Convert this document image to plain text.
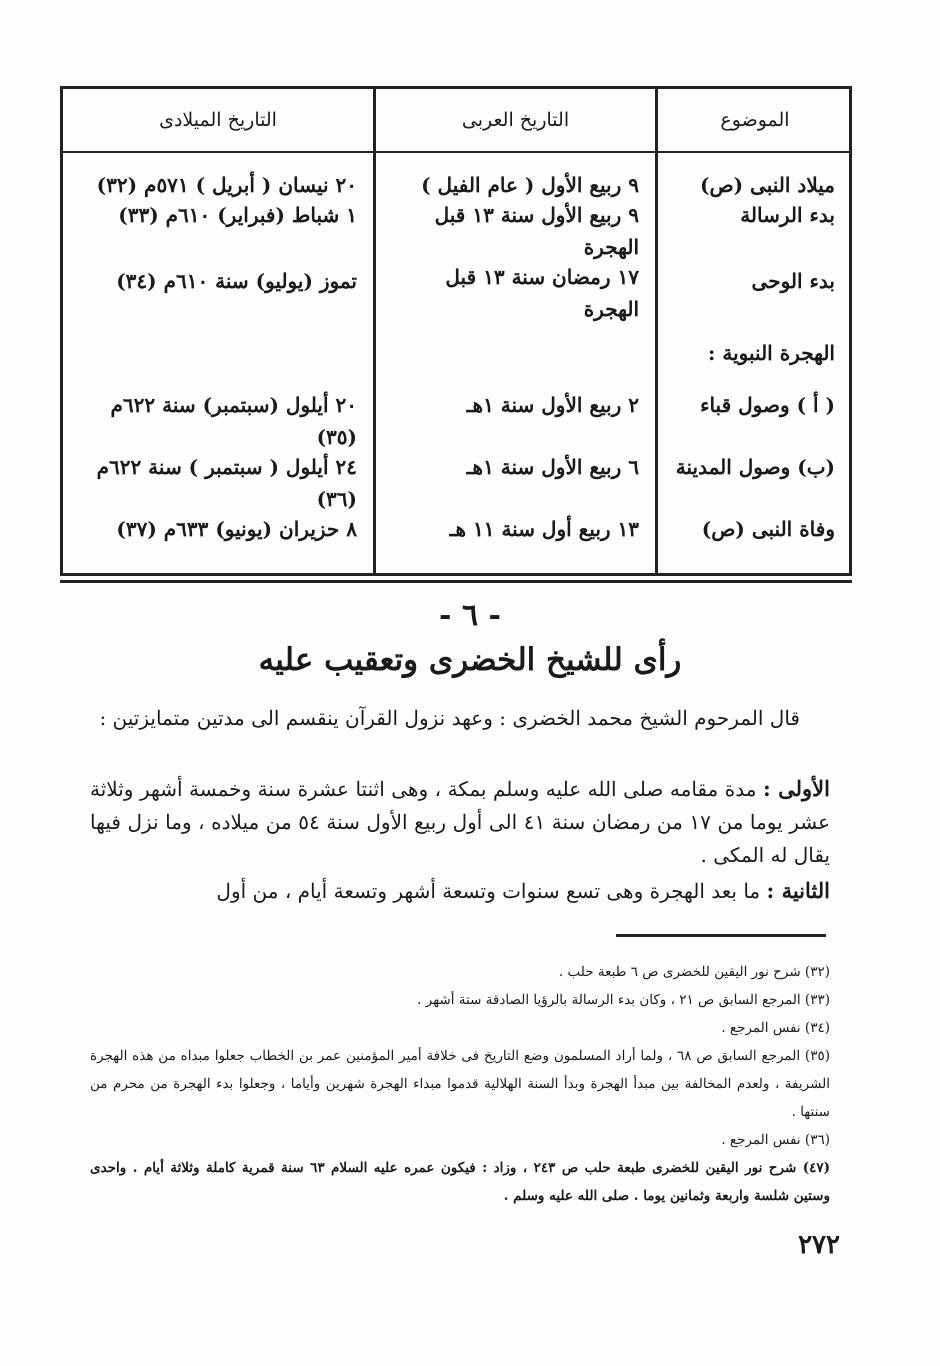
الموضوع
التاريخ العربى
التاريخ الميلادى
ميلاد النبى (ص)
٩ ربيع الأول ( عام الفيل )
٢٠ نيسان ( أبريل ) ٥٧١م (٣٢)
بدء الرسالة
٩ ربيع الأول سنة ١٣ قبل الهجرة
١ شباط (فبراير) ٦١٠م (٣٣)
بدء الوحى
١٧ رمضان سنة ١٣ قبل الهجرة
تموز (يوليو) سنة ٦١٠م (٣٤)
الهجرة النبوية :
( أ ) وصول قباء
٢ ربيع الأول سنة ١هـ
٢٠ أيلول (سبتمبر) سنة ٦٢٢م (٣٥)
(ب) وصول المدينة
٦ ربيع الأول سنة ١هـ
٢٤ أيلول ( سبتمبر ) سنة ٦٢٢م (٣٦)
وفاة النبى (ص)
١٣ ربيع أول سنة ١١ هـ
٨ حزيران (يونيو) ٦٣٣م (٣٧)
- ٦ -
رأى للشيخ الخضرى وتعقيب عليه
قال المرحوم الشيخ محمد الخضرى : وعهد نزول القرآن ينقسم الى مدتين متمايزتين :
الأولى : مدة مقامه صلى الله عليه وسلم بمكة ، وهى اثنتا عشرة سنة وخمسة أشهر وثلاثة عشر يوما من ١٧ من رمضان سنة ٤١ الى أول ربيع الأول سنة ٥٤ من ميلاده ، وما نزل فيها يقال له المكى .
الثانية : ما بعد الهجرة وهى تسع سنوات وتسعة أشهر وتسعة أيام ، من أول
(٣٢) شرح نور اليقين للخضرى ص ٦ طبعة حلب .
(٣٣) المرجع السابق ص ٢١ ، وكان بدء الرسالة بالرؤيا الصادقة ستة أشهر .
(٣٤) نفس المرجع .
(٣٥) المرجع السابق ص ٦٨ ، ولما أراد المسلمون وضع التاريخ فى خلافة أمير المؤمنين عمر بن الخطاب جعلوا مبداه من هذه الهجرة الشريفة ، ولعدم المخالفة بين مبدأ الهجرة وبدأ السنة الهلالية قدموا مبداء الهجرة شهرين وأياما ، وجعلوا بدء الهجرة من محرم من سنتها .
(٣٦) نفس المرجع .
(٤٧) شرح نور اليقين للخضرى طبعة حلب ص ٢٤٣ ، وزاد : فيكون عمره عليه السلام ٦٣ سنة قمرية كاملة وثلاثة أيام . واحدى وستين شلسة واربعة وثمانين يوما . صلى الله عليه وسلم .
٢٧٢
